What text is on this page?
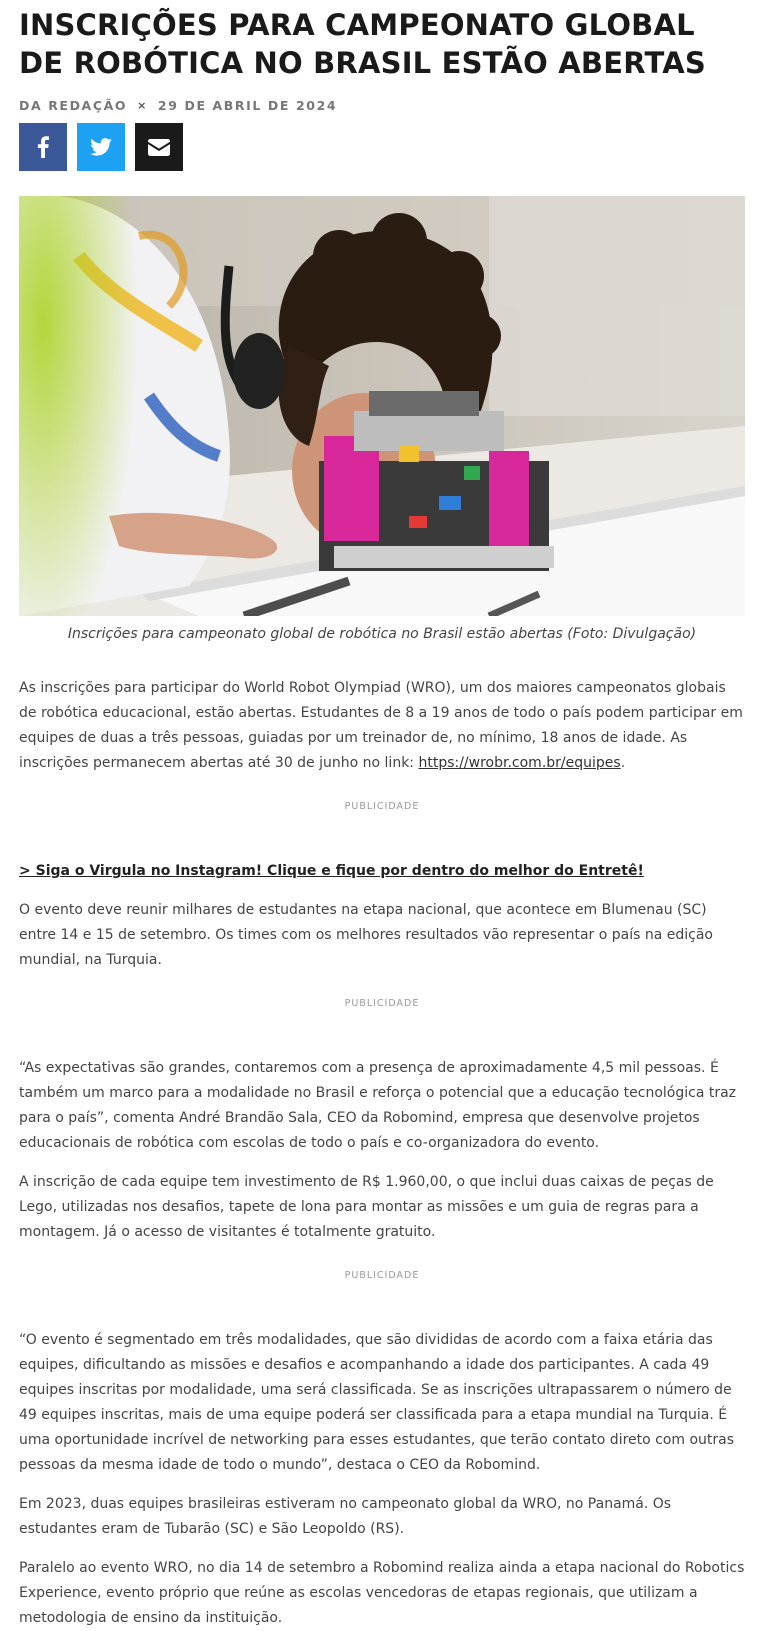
INSCRIÇÕES PARA CAMPEONATO GLOBAL DE ROBÓTICA NO BRASIL ESTÃO ABERTAS
DA REDAÇÃO × 29 DE ABRIL DE 2024
Inscrições para campeonato global de robótica no Brasil estão abertas (Foto: Divulgação)

As inscrições para participar do World Robot Olympiad (WRO), um dos maiores campeonatos globais de robótica educacional, estão abertas. Estudantes de 8 a 19 anos de todo o país podem participar em equipes de duas a três pessoas, guiadas por um treinador de, no mínimo, 18 anos de idade. As inscrições permanecem abertas até 30 de junho no link: https://wrobr.com.br/equipes.

PUBLICIDADE

> Siga o Virgula no Instagram! Clique e fique por dentro do melhor do Entretê!

O evento deve reunir milhares de estudantes na etapa nacional, que acontece em Blumenau (SC) entre 14 e 15 de setembro. Os times com os melhores resultados vão representar o país na edição mundial, na Turquia.

PUBLICIDADE

“As expectativas são grandes, contaremos com a presença de aproximadamente 4,5 mil pessoas. É também um marco para a modalidade no Brasil e reforça o potencial que a educação tecnológica traz para o país”, comenta André Brandão Sala, CEO da Robomind, empresa que desenvolve projetos educacionais de robótica com escolas de todo o país e co-organizadora do evento.

A inscrição de cada equipe tem investimento de R$ 1.960,00, o que inclui duas caixas de peças de Lego, utilizadas nos desafios, tapete de lona para montar as missões e um guia de regras para a montagem. Já o acesso de visitantes é totalmente gratuito.

PUBLICIDADE

“O evento é segmentado em três modalidades, que são divididas de acordo com a faixa etária das equipes, dificultando as missões e desafios e acompanhando a idade dos participantes. A cada 49 equipes inscritas por modalidade, uma será classificada. Se as inscrições ultrapassarem o número de 49 equipes inscritas, mais de uma equipe poderá ser classificada para a etapa mundial na Turquia. É uma oportunidade incrível de networking para esses estudantes, que terão contato direto com outras pessoas da mesma idade de todo o mundo”, destaca o CEO da Robomind.

Em 2023, duas equipes brasileiras estiveram no campeonato global da WRO, no Panamá. Os estudantes eram de Tubarão (SC) e São Leopoldo (RS).

Paralelo ao evento WRO, no dia 14 de setembro a Robomind realiza ainda a etapa nacional do Robotics Experience, evento próprio que reúne as escolas vencedoras de etapas regionais, que utilizam a metodologia de ensino da instituição.
